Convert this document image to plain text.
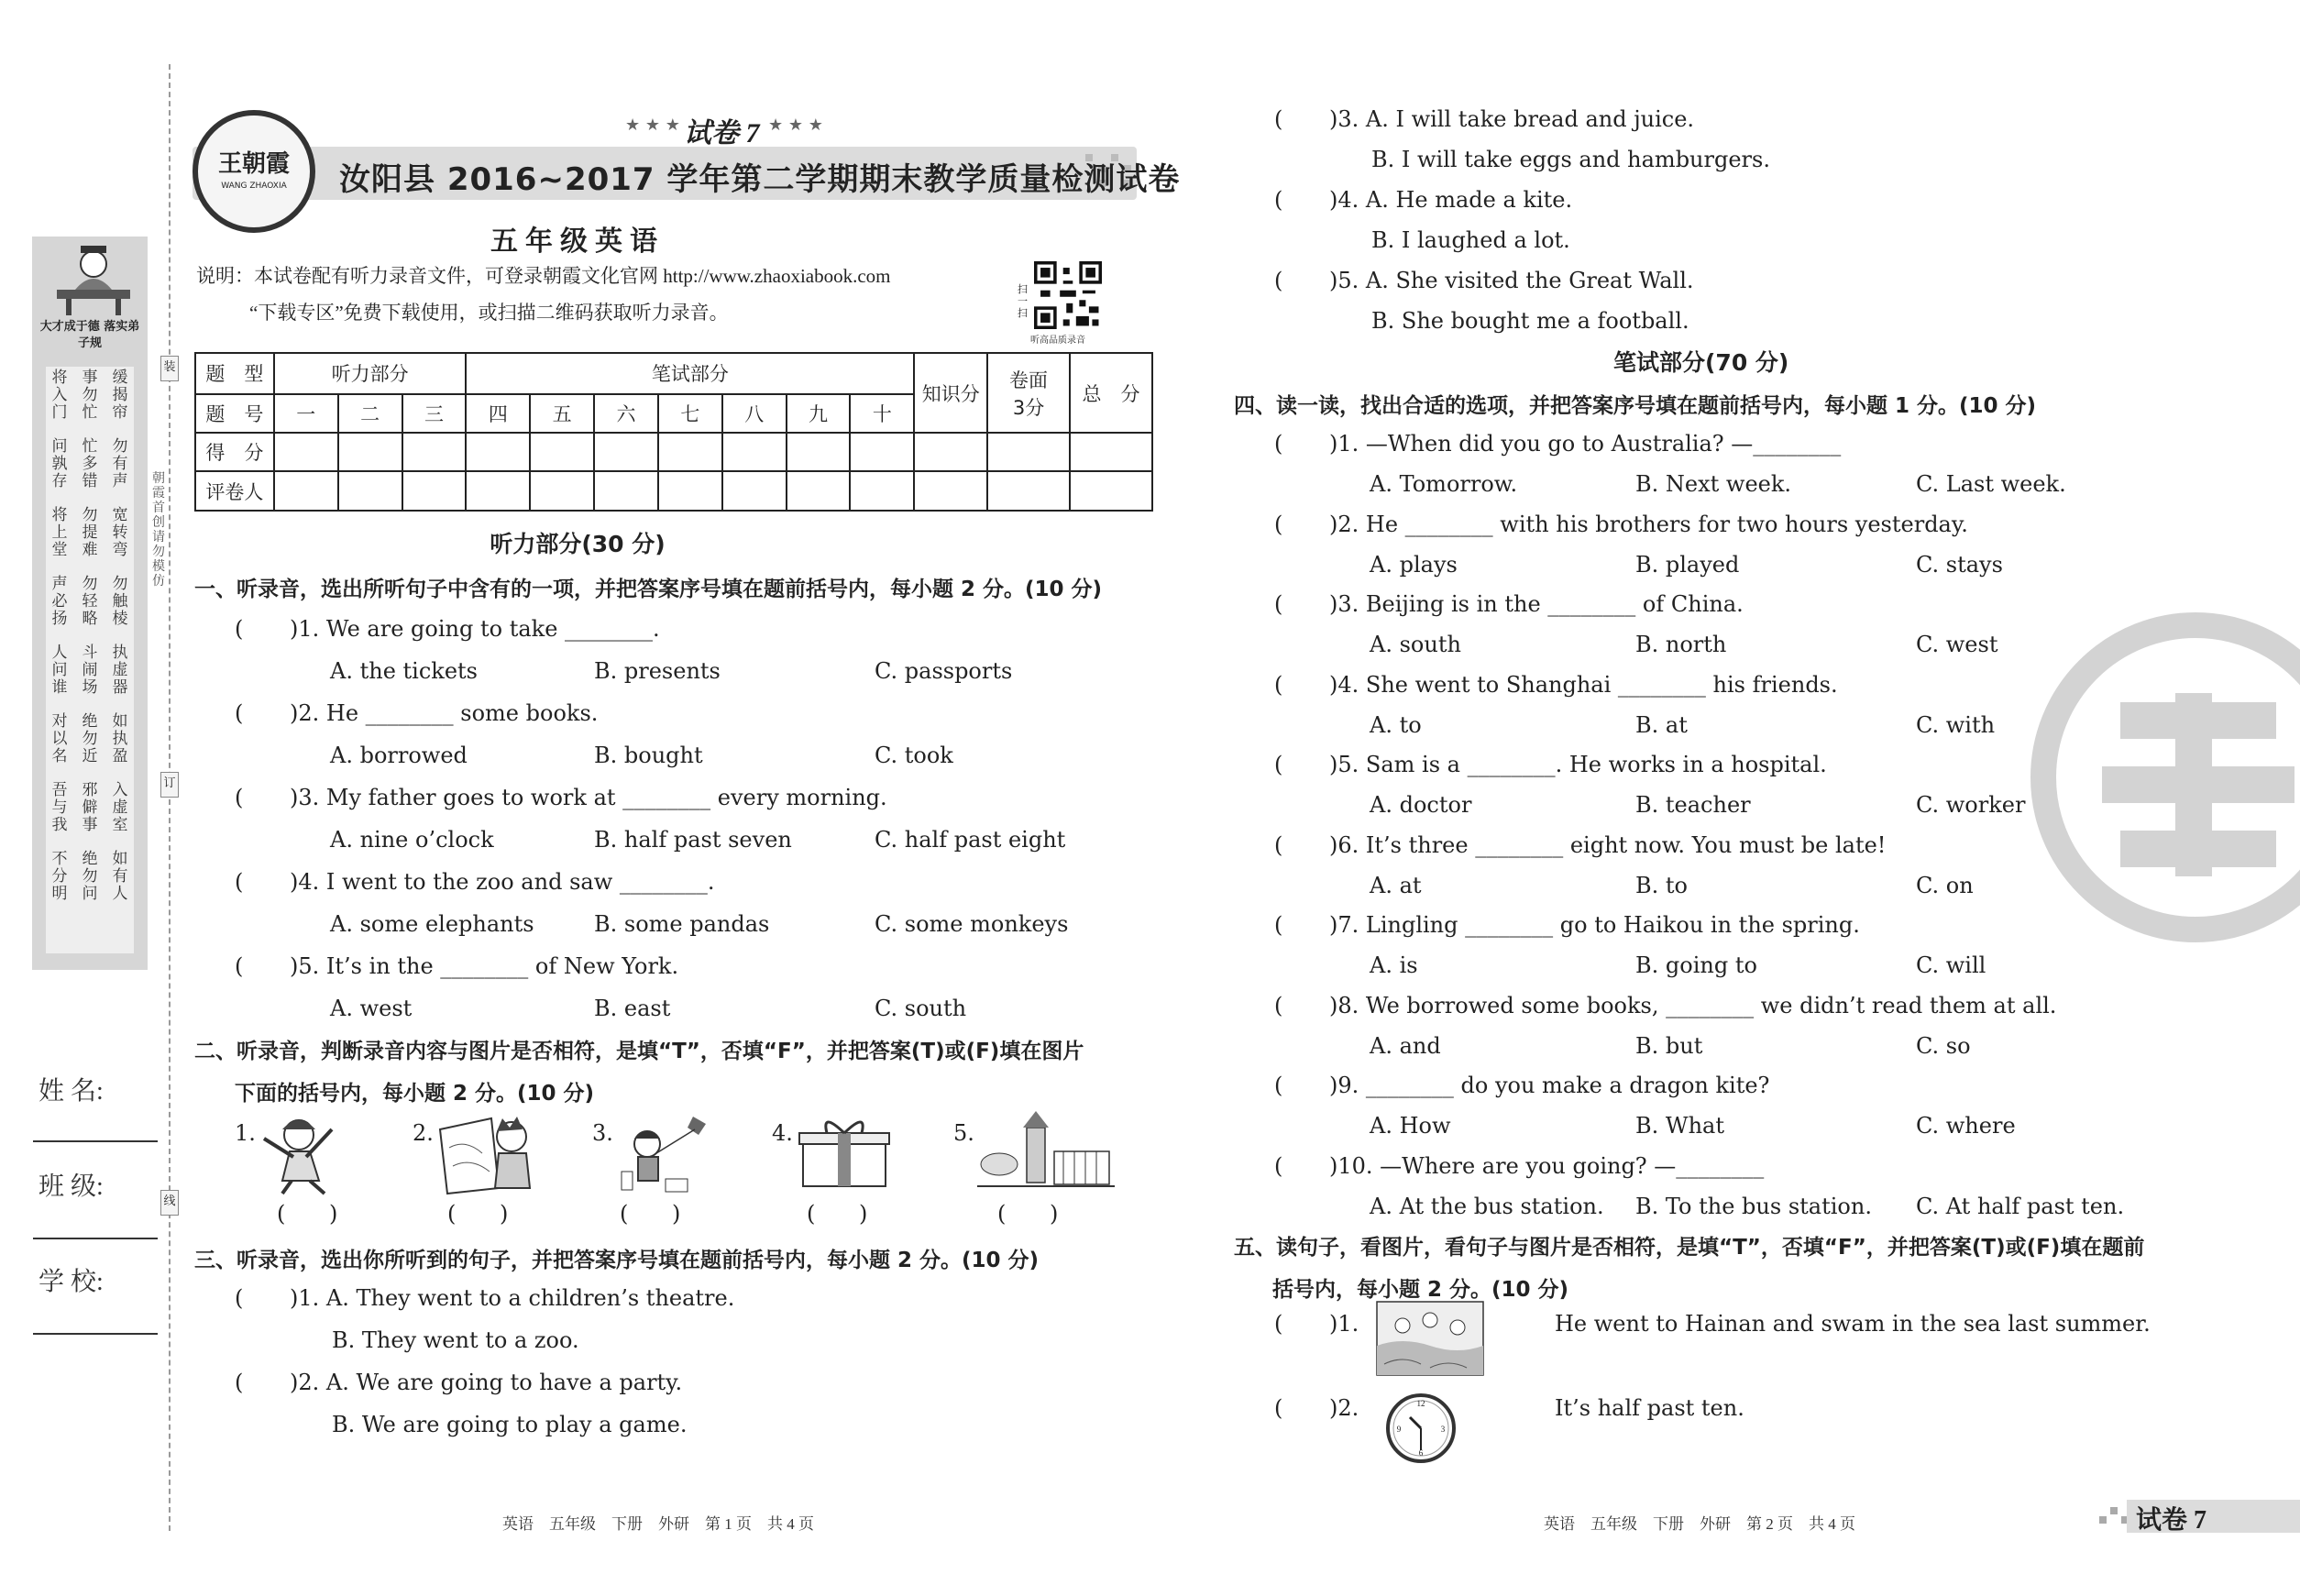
大才成于德 落实弟子规
将入门
事勿忙
缓揭帘
问孰存
忙多错
勿有声
将上堂
勿提难
宽转弯
声必扬
勿轻略
勿触棱
人问谁
斗闹场
执虚器
对以名
绝勿近
如执盈
吾与我
邪僻事
入虚室
不分明
绝勿问
如有人
朝霞首创 请勿模仿
装
订
线
姓 名:
班 级:
学 校:
王朝霞
WANG ZHAOXIA
★ ★ ★ 试卷 7 ★ ★ ★
汝阳县 2016~2017 学年第二学期期末教学质量检测试卷
五年级英语
说明：本试卷配有听力录音文件，可登录朝霞文化官网 http://www.zhaoxiabook.com
“下载专区”免费下载使用，或扫描二维码获取听力录音。
扫一扫
听高品质录音
题　型	听力部分			笔试部分							知识分	卷面 3分	总　分
题　号	一	二	三	四	五	六	七	八	九	十			
得　分													
评卷人													
听力部分(30 分)
一、听录音，选出所听句子中含有的一项，并把答案序号填在题前括号内，每小题 2 分。(10 分)
( )1. We are going to take ________.
A. the tickets	B. presents	C. passports
( )2. He ________ some books.
A. borrowed	B. bought	C. took
( )3. My father goes to work at ________ every morning.
A. nine o’clock	B. half past seven	C. half past eight
( )4. I went to the zoo and saw ________.
A. some elephants	B. some pandas	C. some monkeys
( )5. It’s in the ________ of New York.
A. west	B. east	C. south
二、听录音，判断录音内容与图片是否相符，是填“T”，否填“F”，并把答案(T)或(F)填在图片
下面的括号内，每小题 2 分。(10 分)
1.	2.	3.	4.	5.
( )	( )	( )	( )	( )
三、听录音，选出你所听到的句子，并把答案序号填在题前括号内，每小题 2 分。(10 分)
( )1. A. They went to a children’s theatre.
B. They went to a zoo.
( )2. A. We are going to have a party.
B. We are going to play a game.
( )3. A. I will take bread and juice.
B. I will take eggs and hamburgers.
( )4. A. He made a kite.
B. I laughed a lot.
( )5. A. She visited the Great Wall.
B. She bought me a football.
英语　五年级　下册　外研　第 1 页　共 4 页
笔试部分(70 分)
四、读一读，找出合适的选项，并把答案序号填在题前括号内，每小题 1 分。(10 分)
( )1. —When did you go to Australia? —________
A. Tomorrow.	B. Next week.	C. Last week.
( )2. He ________ with his brothers for two hours yesterday.
A. plays	B. played	C. stays
( )3. Beijing is in the ________ of China.
A. south	B. north	C. west
( )4. She went to Shanghai ________ his friends.
A. to	B. at	C. with
( )5. Sam is a ________. He works in a hospital.
A. doctor	B. teacher	C. worker
( )6. It’s three ________ eight now. You must be late!
A. at	B. to	C. on
( )7. Lingling ________ go to Haikou in the spring.
A. is	B. going to	C. will
( )8. We borrowed some books, ________ we didn’t read them at all.
A. and	B. but	C. so
( )9. ________ do you make a dragon kite?
A. How	B. What	C. where
( )10. —Where are you going? —________
A. At the bus station. B. To the bus station. C. At half past ten.
五、读句子，看图片，看句子与图片是否相符，是填“T”，否填“F”，并把答案(T)或(F)填在题前
括号内，每小题 2 分。(10 分)
( )1.	He went to Hainan and swam in the sea last summer.
( )2.	12
3
6
9
It’s half past ten.
英语　五年级　下册　外研　第 2 页　共 4 页	试卷 7
